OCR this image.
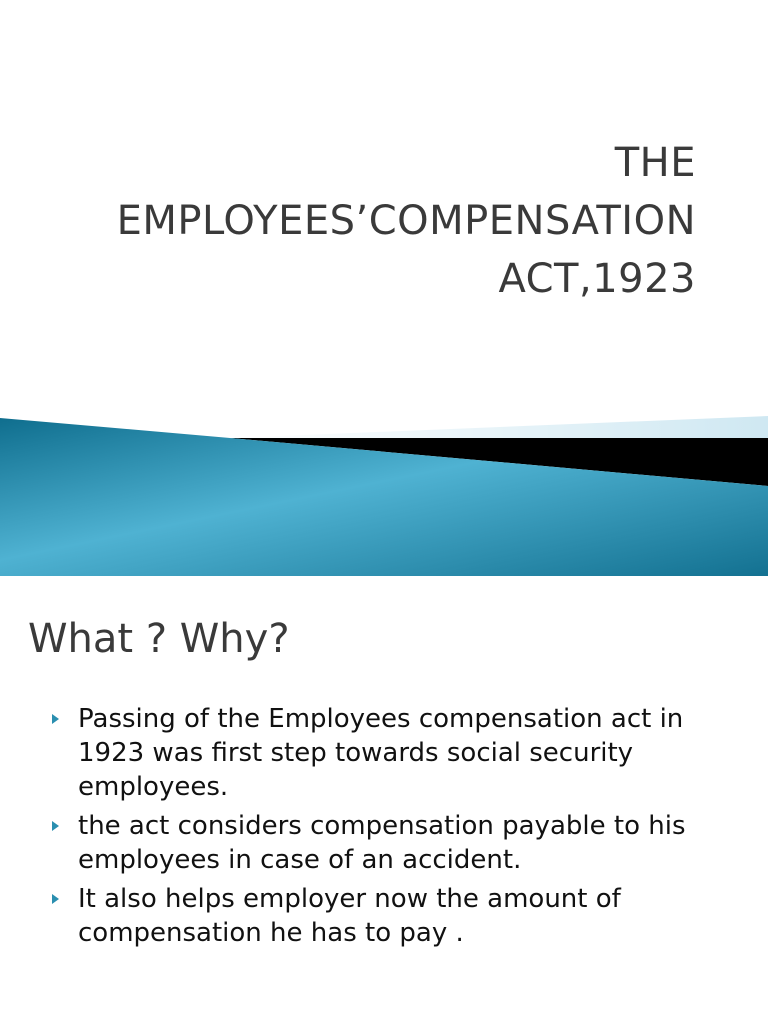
THE
EMPLOYEES’COMPENSATION
ACT,1923
What ? Why?
Passing of the Employees compensation act in 1923 was first step towards social security employees.
the act considers compensation payable to his employees in case of an accident.
It also helps employer now the amount of compensation he has to pay .
